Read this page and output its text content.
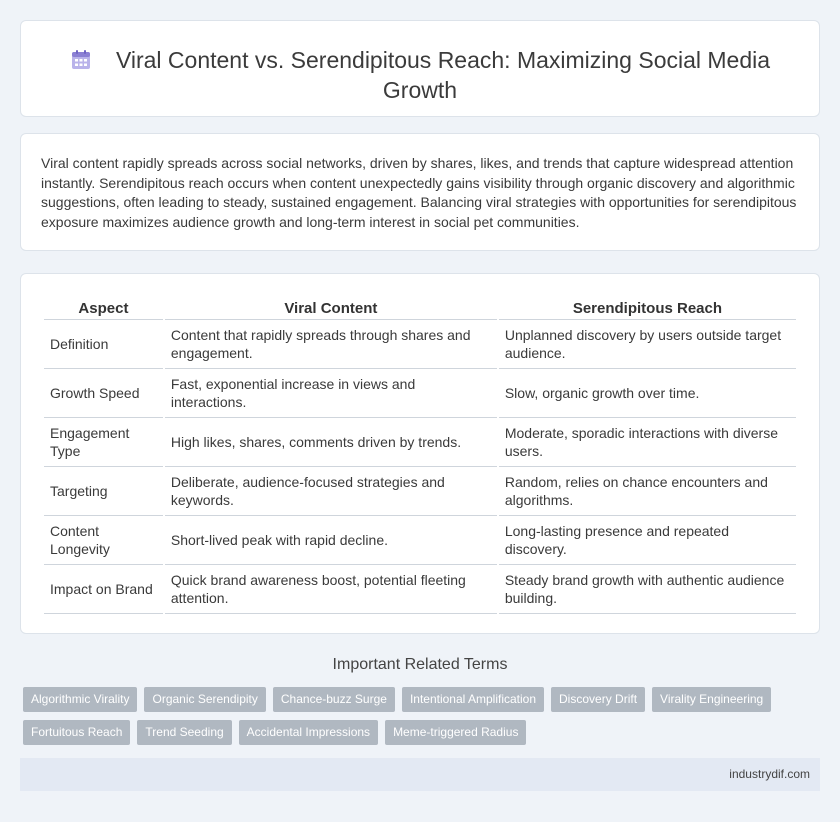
Viral Content vs. Serendipitous Reach: Maximizing Social Media Growth

Viral content rapidly spreads across social networks, driven by shares, likes, and trends that capture widespread attention instantly. Serendipitous reach occurs when content unexpectedly gains visibility through organic discovery and algorithmic suggestions, often leading to steady, sustained engagement. Balancing viral strategies with opportunities for serendipitous exposure maximizes audience growth and long-term interest in social pet communities.

Aspect	Viral Content	Serendipitous Reach
Definition	Content that rapidly spreads through shares and engagement.	Unplanned discovery by users outside target audience.
Growth Speed	Fast, exponential increase in views and interactions.	Slow, organic growth over time.
Engagement Type	High likes, shares, comments driven by trends.	Moderate, sporadic interactions with diverse users.
Targeting	Deliberate, audience-focused strategies and keywords.	Random, relies on chance encounters and algorithms.
Content Longevity	Short-lived peak with rapid decline.	Long-lasting presence and repeated discovery.
Impact on Brand	Quick brand awareness boost, potential fleeting attention.	Steady brand growth with authentic audience building.
Important Related Terms
Algorithmic Virality	Organic Serendipity	Chance-buzz Surge	Intentional Amplification	Discovery Drift	Virality Engineering
Fortuitous Reach	Trend Seeding	Accidental Impressions	Meme-triggered Radius
industrydif.com
